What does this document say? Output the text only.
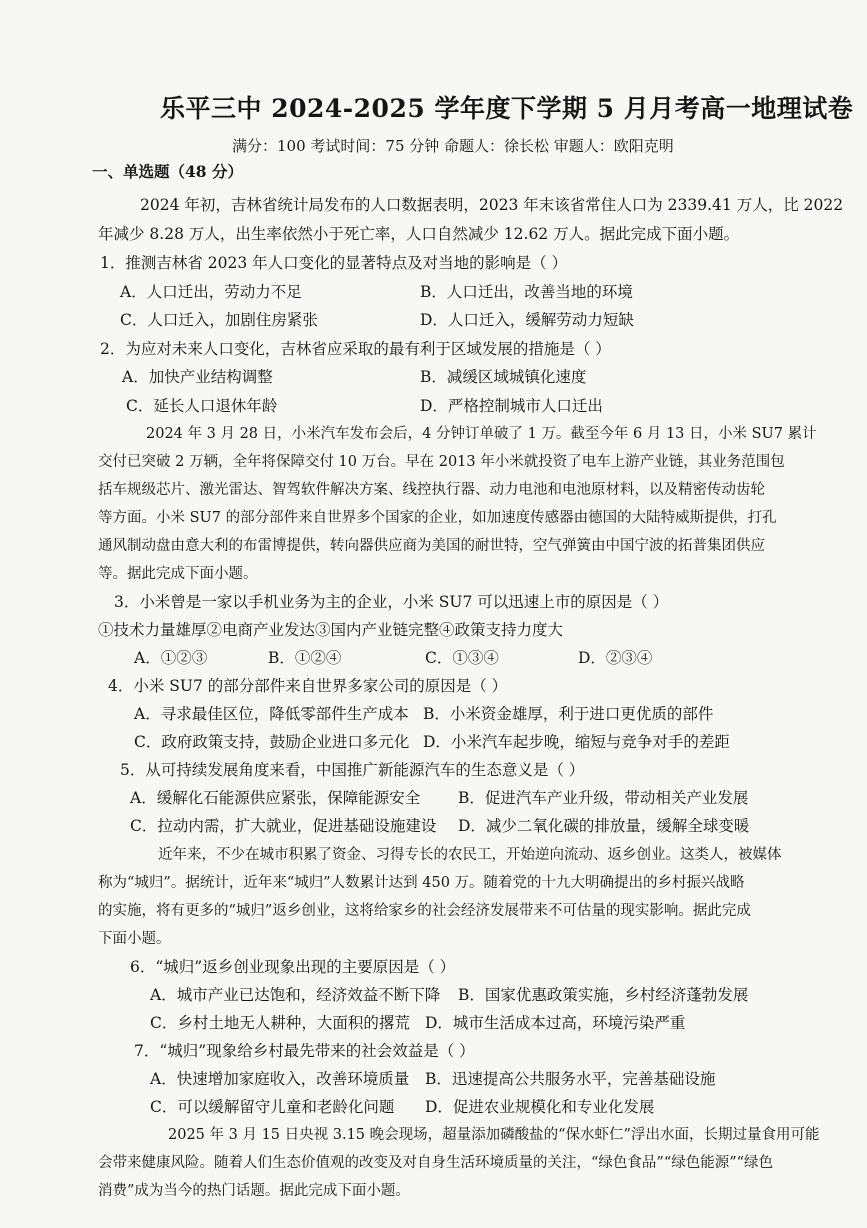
乐平三中 2024-2025 学年度下学期 5 月月考高一地理试卷
满分：100 考试时间：75 分钟 命题人：徐长松 审题人：欧阳克明
一、单选题（48 分）
2024 年初，吉林省统计局发布的人口数据表明，2023 年末该省常住人口为 2339.41 万人，比 2022
年减少 8.28 万人，出生率依然小于死亡率，人口自然减少 12.62 万人。据此完成下面小题。
1．推测吉林省 2023 年人口变化的显著特点及对当地的影响是（ ）
A．人口迁出，劳动力不足	B．人口迁出，改善当地的环境
C．人口迁入，加剧住房紧张	D．人口迁入，缓解劳动力短缺
2．为应对未来人口变化，吉林省应采取的最有利于区域发展的措施是（ ）
A．加快产业结构调整	B．减缓区域城镇化速度
C．延长人口退休年龄	D．严格控制城市人口迁出
2024 年 3 月 28 日，小米汽车发布会后，4 分钟订单破了 1 万。截至今年 6 月 13 日，小米 SU7 累计
交付已突破 2 万辆，全年将保障交付 10 万台。早在 2013 年小米就投资了电车上游产业链，其业务范围包
括车规级芯片、激光雷达、智驾软件解决方案、线控执行器、动力电池和电池原材料，以及精密传动齿轮
等方面。小米 SU7 的部分部件来自世界多个国家的企业，如加速度传感器由德国的大陆特威斯提供，打孔
通风制动盘由意大利的布雷博提供，转向器供应商为美国的耐世特，空气弹簧由中国宁波的拓普集团供应
等。据此完成下面小题。
3．小米曾是一家以手机业务为主的企业，小米 SU7 可以迅速上市的原因是（ ）
①技术力量雄厚②电商产业发达③国内产业链完整④政策支持力度大
A．①②③	B．①②④	C．①③④	D．②③④
4．小米 SU7 的部分部件来自世界多家公司的原因是（ ）
A．寻求最佳区位，降低零部件生产成本 B．小米资金雄厚，利于进口更优质的部件
C．政府政策支持，鼓励企业进口多元化 D．小米汽车起步晚，缩短与竞争对手的差距
5．从可持续发展角度来看，中国推广新能源汽车的生态意义是（ ）
A．缓解化石能源供应紧张，保障能源安全 B．促进汽车产业升级，带动相关产业发展
C．拉动内需，扩大就业，促进基础设施建设 D．减少二氧化碳的排放量，缓解全球变暖
近年来，不少在城市积累了资金、习得专长的农民工，开始逆向流动、返乡创业。这类人，被媒体
称为“城归”。据统计，近年来“城归”人数累计达到 450 万。随着党的十九大明确提出的乡村振兴战略
的实施，将有更多的“城归”返乡创业，这将给家乡的社会经济发展带来不可估量的现实影响。据此完成
下面小题。
6．“城归”返乡创业现象出现的主要原因是（ ）
A．城市产业已达饱和，经济效益不断下降 B．国家优惠政策实施，乡村经济蓬勃发展
C．乡村土地无人耕种，大面积的撂荒 D．城市生活成本过高，环境污染严重
7．“城归”现象给乡村最先带来的社会效益是（ ）
A．快速增加家庭收入，改善环境质量 B．迅速提高公共服务水平，完善基础设施
C．可以缓解留守儿童和老龄化问题 D．促进农业规模化和专业化发展
2025 年 3 月 15 日央视 3.15 晚会现场，超量添加磷酸盐的“保水虾仁”浮出水面，长期过量食用可能
会带来健康风险。随着人们生态价值观的改变及对自身生活环境质量的关注，“绿色食品”“绿色能源”“绿色
消费”成为当今的热门话题。据此完成下面小题。
